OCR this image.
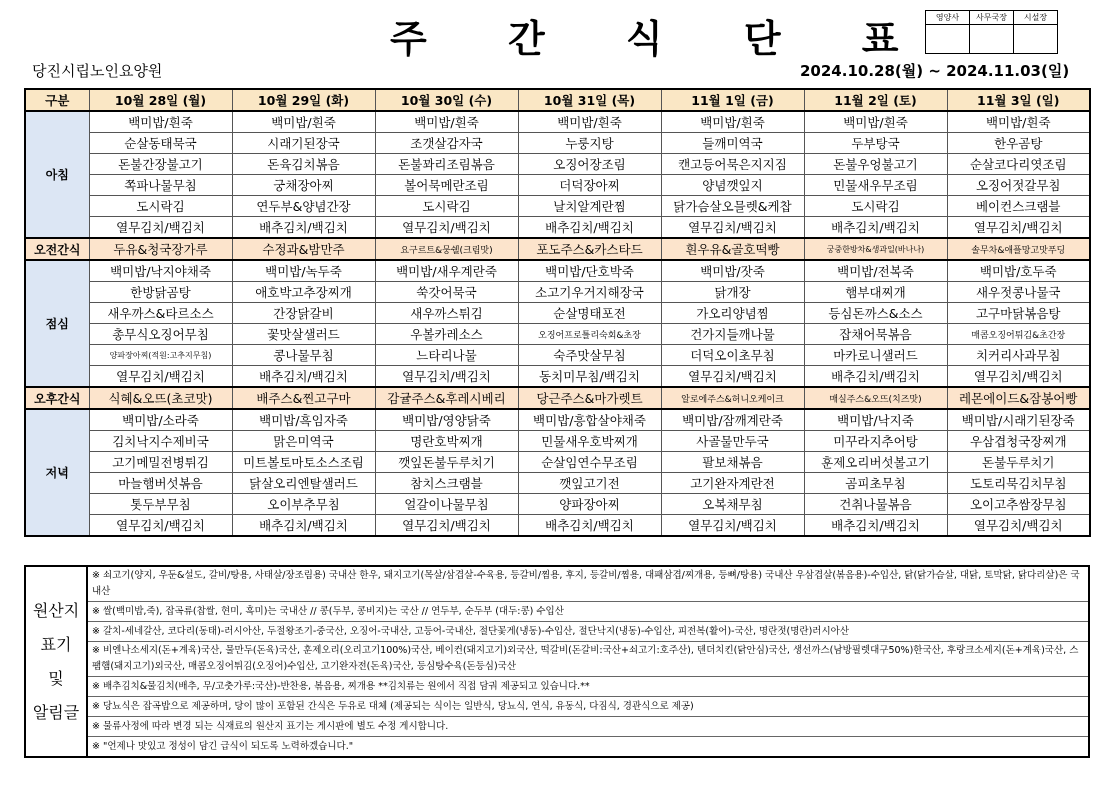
주 간 식 단 표 영양사	사무국장	시설장

당진시립노인요양원	2024.10.28(월) ~ 2024.11.03(일)
구분	10월 28일 (월)	10월 29일 (화)	10월 30일 (수)	10월 31일 (목)	11월 1일 (금)	11월 2일 (토)	11월 3일 (일)
아침	백미밥/흰죽	백미밥/흰죽	백미밥/흰죽	백미밥/흰죽	백미밥/흰죽	백미밥/흰죽	백미밥/흰죽
	순살동태묵국	시래기된장국	조갯살감자국	누룽지탕	들깨미역국	두부탕국	한우곰탕
	돈불간장불고기	돈육김치볶음	돈불꽈리조림볶음	오징어장조림	캔고등어묵은지지짐	돈불우엉불고기	순살코다리엿조림
	쪽파나물무침	궁채장아찌	볼어묵메란조림	더덕장아찌	양념깻잎지	민물새우무조림	오징어젓갈무침
	도시락김	연두부&양념간장	도시락김	날치알계란찜	닭가슴살오믈렛&케찹	도시락김	베이컨스크램블
	열무김치/백김치	배추김치/백김치	열무김치/백김치	배추김치/백김치	열무김치/백김치	배추김치/백김치	열무김치/백김치
오전간식	두유&청국장가루	수정과&밤만주	요구르트&뭉쉘(크림맛)	포도주스&카스타드	흰우유&골호떡빵	궁중한방차&생과일(바나나)	솔무차&애플망고맛푸딩
점심	백미밥/낙지야채죽	백미밥/녹두죽	백미밥/새우계란죽	백미밥/단호박죽	백미밥/잣죽	백미밥/전복죽	백미밥/호두죽
	한방닭곰탕	애호박고추장찌개	쑥갓어묵국	소고기우거지해장국	닭개장	햄부대찌개	새우젓콩나물국
	새우까스&타르소스	간장닭갈비	새우까스튀김	순살명태포전	가오리양념찜	등심돈까스&소스	고구마닭볶음탕
	총무식오징어무침	꽃맛살샐러드	우볼카레소스	오징어프로틀리숙회&초장	건가지들깨나물	잡채어묵볶음	매콤오징어튀김&초간장
	양파장아찌(적원:고추지무침)	콩나물무침	느타리나물	숙주맛살무침	더덕오이초무침	마카로니샐러드	치커리사과무침
	열무김치/백김치	배추김치/백김치	열무김치/백김치	동치미무침/백김치	열무김치/백김치	배추김치/백김치	열무김치/백김치
오후간식	식혜&오뜨(초코맛)	배주스&찐고구마	감귤주스&후레시베리	당근주스&마가렛트	알로에주스&허니오케이크	매실주스&오뜨(치즈맛)	레몬에이드&잠봉어빵
저녁	백미밥/소라죽	백미밥/흑임자죽	백미밥/영양닭죽	백미밥/흥합살야채죽	백미밥/잠깨계란죽	백미밥/낙지죽	백미밥/시래기된장죽
	김치낙지수제비국	맑은미역국	명란호박찌개	민물새우호박찌개	사골물만두국	미꾸라지추어탕	우삼겹청국장찌개
	고기메밀전병튀김	미트볼토마토소스조림	깻잎돈불두루치기	순살임연수무조림	팔보채볶음	훈제오리버섯볼고기	돈불두루치기
	마늘햄버섯볶음	닭살오리엔탈샐러드	참치스크램블	깻잎고기전	고기완자계란전	곰피초무침	도토리묵김치무침
	톳두부무침	오이부추무침	얼갈이나물무침	양파장아찌	오복채무침	건취나물볶음	오이고추쌈장무침
	열무김치/백김치	배추김치/백김치	열무김치/백김치	배추김치/백김치	열무김치/백김치	배추김치/백김치	열무김치/백김치
원산지
표기
및
알림글
	※ 쇠고기(양지, 우둔&설도, 갈비/탕용, 사태살/장조림용) 국내산 한우, 돼지고기(목살/삼겹살-수육용, 등갈비/찜용, 후지, 등갈비/찜용, 대패삼겹/찌개용, 등뼈/탕용) 국내산 우삼겹살(볶음용)-수입산, 닭(닭가슴살, 대닭, 토막닭, 닭다리살)은 국내산
※ 쌀(백미밥,죽), 잡곡류(찹쌀, 현미, 흑미)는 국내산 // 콩(두부, 콩비지)는 국산 // 연두부, 순두부 (대두:콩) 수입산
※ 갈치-세네갈산, 코다리(동태)-러시아산, 두절왕조기-중국산, 오징어-국내산, 고등어-국내산, 절단꽃게(냉동)-수입산, 절단낙지(냉동)-수입산, 피전복(활어)-국산, 명란젓(명란)러시아산
※ 비엔나소세지(돈+계육)국산, 물만두(돈육)국산, 훈제오리(오리고기100%)국산, 베이컨(돼지고기)외국산, 떡갈비(돈갈비:국산+쇠고기:호주산), 텐더치킨(닭안심)국산, 생선까스(남방필렛대구50%)한국산, 후랑크소세지(돈+계육)국산, 스팸햄(돼지고기)외국산, 매콤오징어튀김(오징어)수입산, 고기완자전(돈육)국산, 등심탕수육(돈등심)국산
※ 배추김치&물김치(배추, 무/고춧가루:국산)-반찬용, 볶음용, 찌개용 **김치류는 원에서 직접 담궈 제공되고 있습니다.**
※ 당뇨식은 잡곡밥으로 제공하며, 당이 많이 포함된 간식은 두유로 대체 (제공되는 식이는 일반식, 당뇨식, 연식, 유동식, 다짐식, 경관식으로 제공)
※ 물류사정에 따라 변경 되는 식재료의 원산지 표기는 게시판에 별도 수정 게시합니다.
※ "언제나 맛있고 정성이 담긴 급식이 되도록 노력하겠습니다."
